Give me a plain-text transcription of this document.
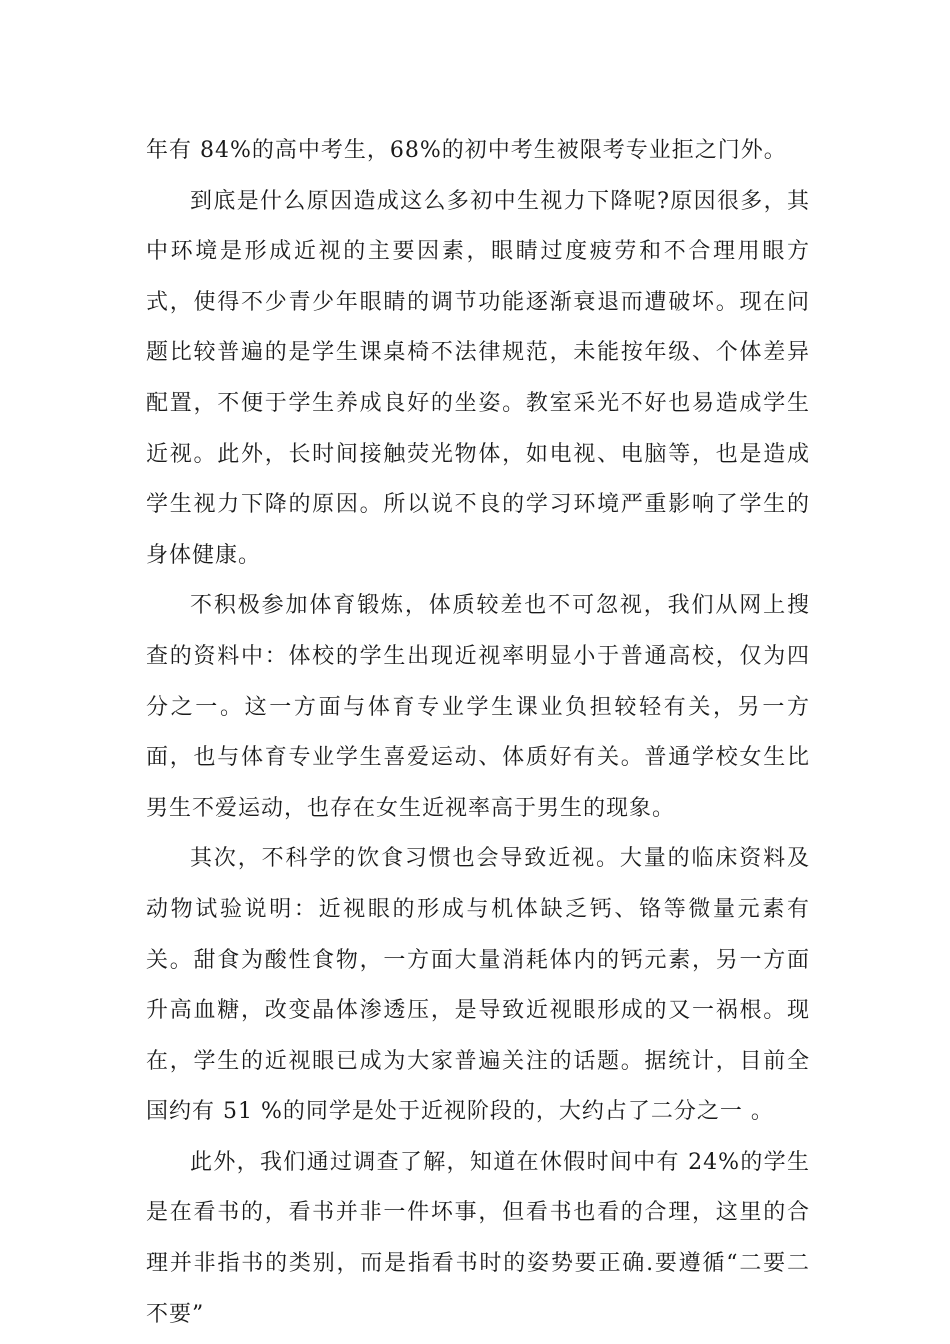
年有 84%的高中考生，68%的初中考生被限考专业拒之门外。

到底是什么原因造成这么多初中生视力下降呢?原因很多，其中环境是形成近视的主要因素，眼睛过度疲劳和不合理用眼方式，使得不少青少年眼睛的调节功能逐渐衰退而遭破坏。现在问题比较普遍的是学生课桌椅不法律规范，未能按年级、个体差异配置，不便于学生养成良好的坐姿。教室采光不好也易造成学生近视。此外，长时间接触荧光物体，如电视、电脑等，也是造成学生视力下降的原因。所以说不良的学习环境严重影响了学生的身体健康。

不积极参加体育锻炼，体质较差也不可忽视，我们从网上搜查的资料中：体校的学生出现近视率明显小于普通高校，仅为四分之一。这一方面与体育专业学生课业负担较轻有关，另一方面，也与体育专业学生喜爱运动、体质好有关。普通学校女生比男生不爱运动，也存在女生近视率高于男生的现象。

其次，不科学的饮食习惯也会导致近视。大量的临床资料及动物试验说明：近视眼的形成与机体缺乏钙、铬等微量元素有关。甜食为酸性食物，一方面大量消耗体内的钙元素，另一方面升高血糖，改变晶体渗透压，是导致近视眼形成的又一祸根。现在，学生的近视眼已成为大家普遍关注的话题。据统计，目前全国约有 51 %的同学是处于近视阶段的，大约占了二分之一 。

此外，我们通过调查了解，知道在休假时间中有 24%的学生是在看书的，看书并非一件坏事，但看书也看的合理，这里的合理并非指书的类别，而是指看书时的姿势要正确.要遵循“二要二不要”
